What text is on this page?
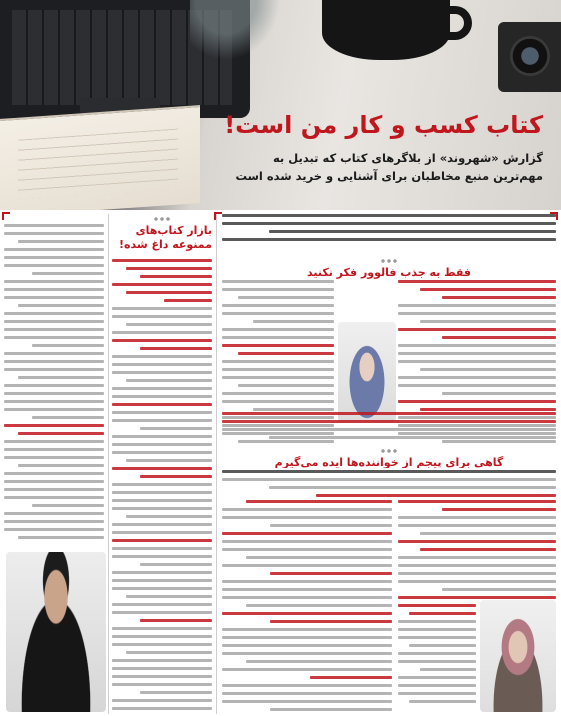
کتاب کسب و کار من است!
گزارش «شهروند» از بلاگرهای کتاب که تبدیل به
مهم‌ترین منبع مخاطبان برای آشنایی و خرید شده است
فقط به جذب فالوور فکر نکنید
گاهی برای پیجم از خواننده‌ها ایده می‌گیرم
بازار کتاب‌های ممنوعه داغ شده!
